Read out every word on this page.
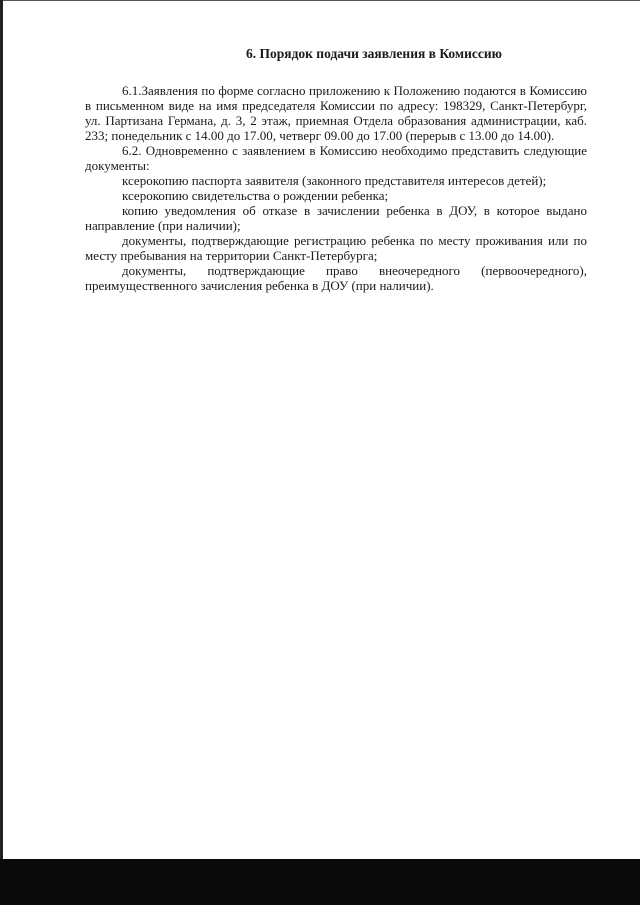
6. Порядок подачи заявления в Комиссию

6.1.Заявления по форме согласно приложению к Положению подаются в Комиссию в письменном виде на имя председателя Комиссии по адресу: 198329, Санкт-Петербург, ул. Партизана Германа, д. 3, 2 этаж, приемная Отдела образования администрации, каб. 233; понедельник с 14.00 до 17.00, четверг 09.00 до 17.00 (перерыв с 13.00 до 14.00).

6.2. Одновременно с заявлением в Комиссию необходимо представить следующие документы:

ксерокопию паспорта заявителя (законного представителя интересов детей);

ксерокопию свидетельства о рождении ребенка;

копию уведомления об отказе в зачислении ребенка в ДОУ, в которое выдано направление (при наличии);

документы, подтверждающие регистрацию ребенка по месту проживания или по месту пребывания на территории Санкт-Петербурга;

документы, подтверждающие право внеочередного (первоочередного), преимущественного зачисления ребенка в ДОУ (при наличии).
